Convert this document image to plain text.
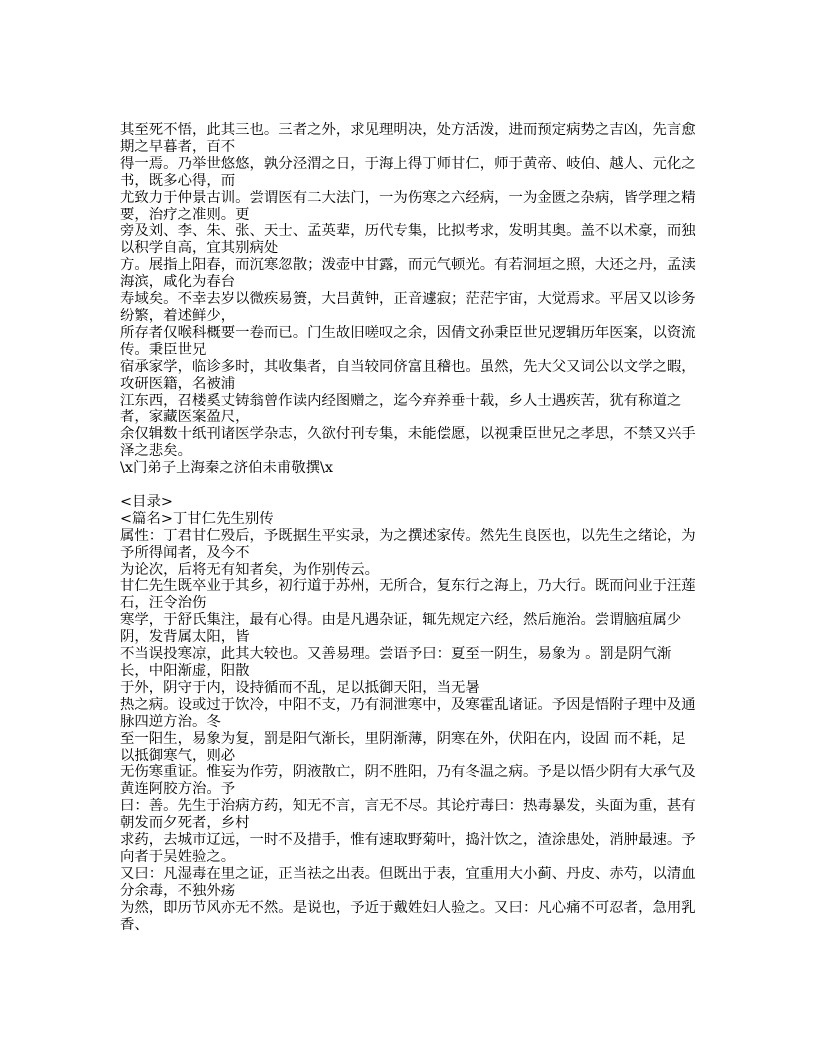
其至死不悟，此其三也。三者之外，求见理明决，处方活泼，进而预定病势之吉凶，先言愈期之早暮者，百不

得一焉。乃举世悠悠，孰分泾渭之日，于海上得丁师甘仁，师于黄帝、岐伯、越人、元化之书，既多心得，而

尤致力于仲景古训。尝谓医有二大法门，一为伤寒之六经病，一为金匮之杂病，皆学理之精要，治疗之准则。更

旁及刘、李、朱、张、天士、孟英辈，历代专集，比拟考求，发明其奥。盖不以术豪，而独以积学自高，宜其别病处

方。展指上阳春，而沉寒忽散；泼壶中甘露，而元气顿光。有若洞垣之照，大还之丹，孟渎海滨，咸化为春台

寿域矣。不幸去岁以微疾易箦，大吕黄钟，正音遽寂；茫茫宇宙，大觉焉求。平居又以诊务纷繁，着述鲜少，

所存者仅喉科概要一卷而已。门生故旧嗟叹之余，因倩文孙秉臣世兄逻辑历年医案，以资流传。秉臣世兄

宿承家学，临诊多时，其收集者，自当较同侪富且稽也。虽然，先大父又词公以文学之暇，攻研医籍，名被浦

江东西，召楼奚丈铸翁曾作读内经图赠之，迄今弃养垂十载，乡人士遇疾苦，犹有称道之者，家藏医案盈尺，

余仅辑数十纸刊诸医学杂志，久欲付刊专集，未能偿愿，以视秉臣世兄之孝思，不禁又兴手泽之悲矣。

\x门弟子上海秦之济伯未甫敬撰\x

<目录>

<篇名>丁甘仁先生别传

属性：丁君甘仁殁后，予既据生平实录，为之撰述家传。然先生良医也，以先生之绪论，为予所得闻者，及今不

为论次，后将无有知者矣，为作别传云。

甘仁先生既卒业于其乡，初行道于苏州，无所合，复东行之海上，乃大行。既而问业于汪莲石，汪令治伤

寒学，于舒氏集注，最有心得。由是凡遇杂证，辄先规定六经，然后施治。尝谓脑疽属少阴，发背属太阳，皆

不当误投寒凉，此其大较也。又善易理。尝语予曰：夏至一阴生，易象为 。罰是阴气渐长，中阳渐虚，阳散

于外，阴守于内，设持循而不乱，足以抵御天阳，当无暑

热之病。设或过于饮冷，中阳不支，乃有洞泄寒中，及寒霍乱诸证。予因是悟附子理中及通脉四逆方治。冬

至一阳生，易象为复，罰是阳气渐长，里阴渐薄，阴寒在外，伏阳在内，设固 而不耗，足以抵御寒气，则必

无伤寒重证。惟妄为作劳，阴液散亡，阴不胜阳，乃有冬温之病。予是以悟少阴有大承气及黄连阿胶方治。予

曰：善。先生于治病方药，知无不言，言无不尽。其论疔毒曰：热毒暴发，头面为重，甚有朝发而夕死者，乡村

求药，去城市辽远，一时不及措手，惟有速取野菊叶，捣汁饮之，渣涂患处，消肿最速。予向者于吴姓验之。

又曰：凡湿毒在里之证，正当祛之出表。但既出于表，宜重用大小蓟、丹皮、赤芍，以清血分余毒，不独外疡

为然，即历节风亦无不然。是说也，予近于戴姓妇人验之。又曰：凡心痛不可忍者，急用乳香、
